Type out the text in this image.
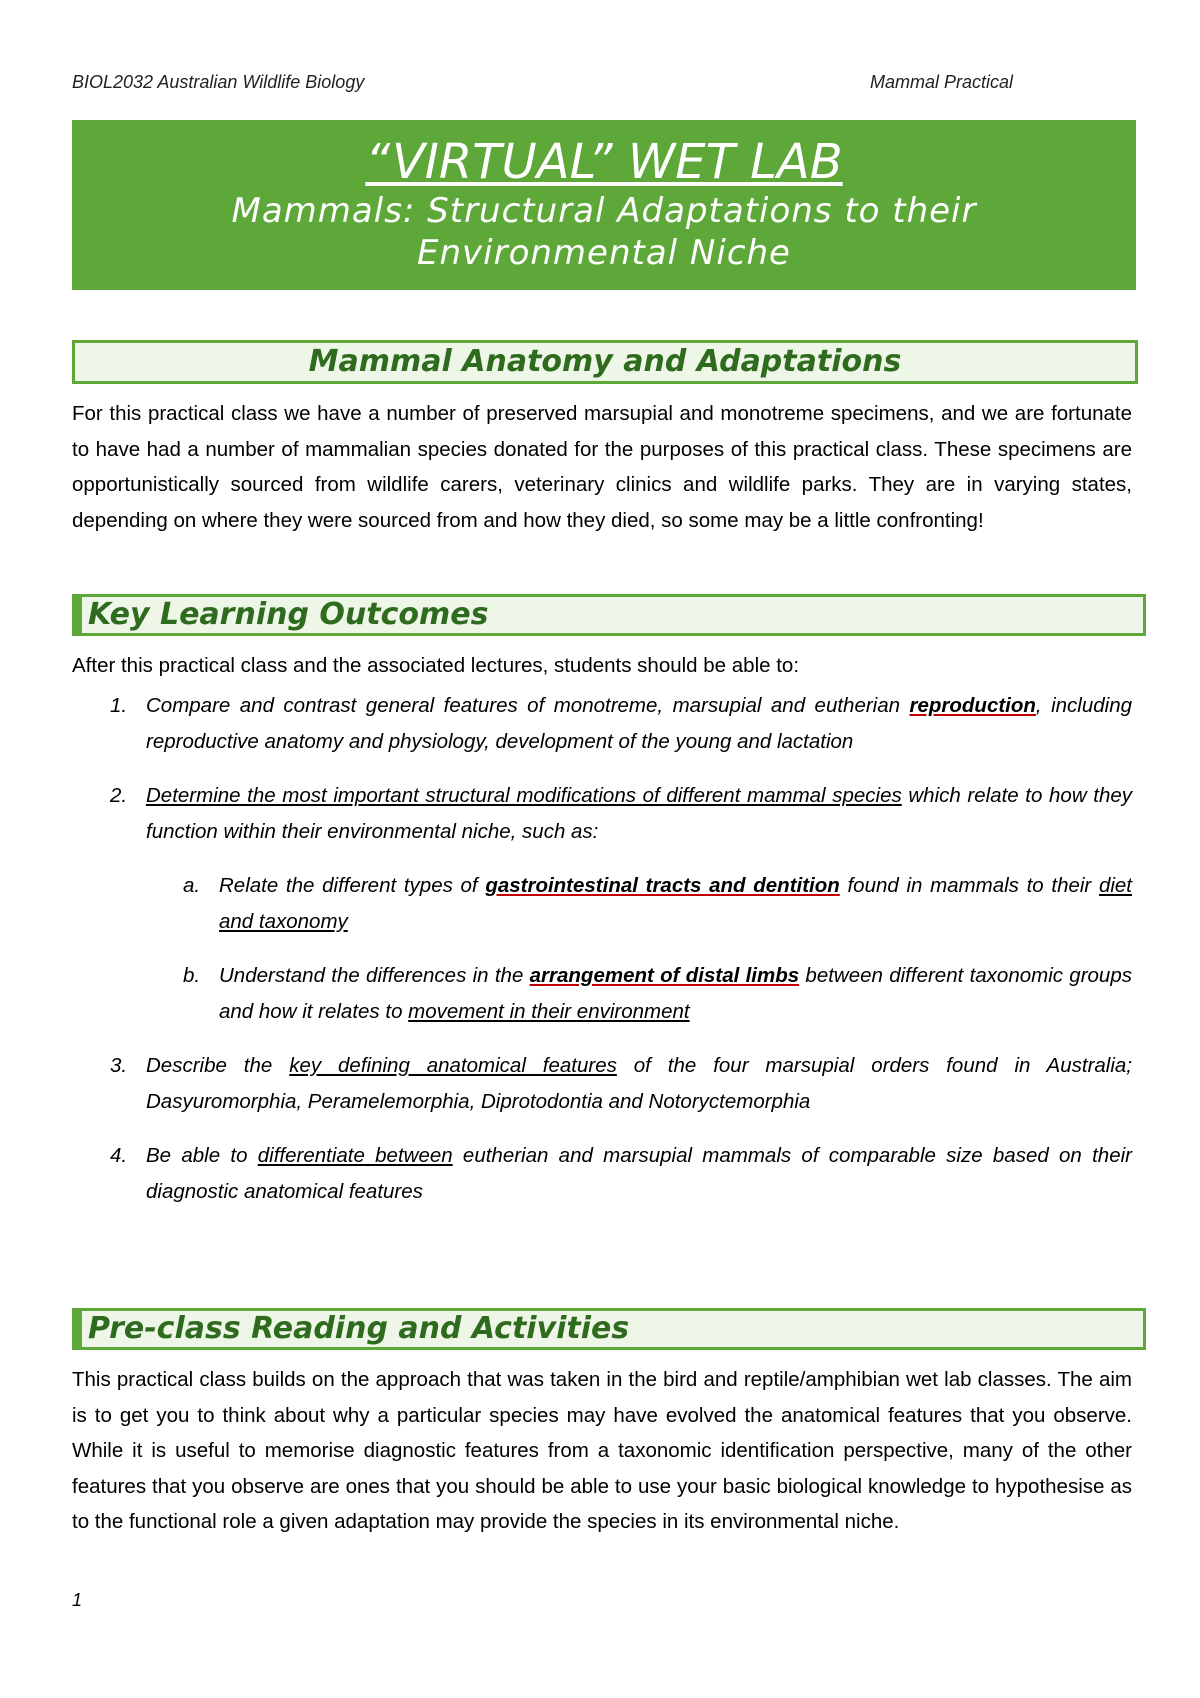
BIOL2032 Australian Wildlife Biology	Mammal Practical
“VIRTUAL” WET LAB
Mammals: Structural Adaptations to their
Environmental Niche
Mammal Anatomy and Adaptations
For this practical class we have a number of preserved marsupial and monotreme specimens, and we are fortunate to have had a number of mammalian species donated for the purposes of this practical class. These specimens are opportunistically sourced from wildlife carers, veterinary clinics and wildlife parks. They are in varying states, depending on where they were sourced from and how they died, so some may be a little confronting!
Key Learning Outcomes
After this practical class and the associated lectures, students should be able to:
1. Compare and contrast general features of monotreme, marsupial and eutherian reproduction, including reproductive anatomy and physiology, development of the young and lactation
2. Determine the most important structural modifications of different mammal species which relate to how they function within their environmental niche, such as:
a. Relate the different types of gastrointestinal tracts and dentition found in mammals to their diet and taxonomy
b. Understand the differences in the arrangement of distal limbs between different taxonomic groups and how it relates to movement in their environment
3. Describe the key defining anatomical features of the four marsupial orders found in Australia; Dasyuromorphia, Peramelemorphia, Diprotodontia and Notoryctemorphia
4. Be able to differentiate between eutherian and marsupial mammals of comparable size based on their diagnostic anatomical features
Pre-class Reading and Activities
This practical class builds on the approach that was taken in the bird and reptile/amphibian wet lab classes. The aim is to get you to think about why a particular species may have evolved the anatomical features that you observe. While it is useful to memorise diagnostic features from a taxonomic identification perspective, many of the other features that you observe are ones that you should be able to use your basic biological knowledge to hypothesise as to the functional role a given adaptation may provide the species in its environmental niche.
1
